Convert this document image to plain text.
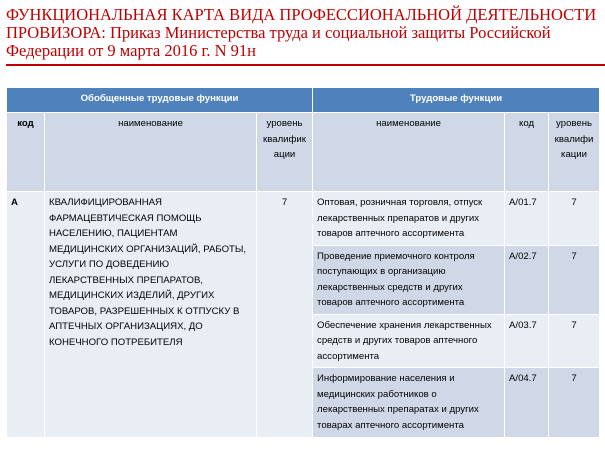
ФУНКЦИОНАЛЬНАЯ КАРТА ВИДА ПРОФЕССИОНАЛЬНОЙ ДЕЯТЕЛЬНОСТИ
ПРОВИЗОРА: Приказ Министерства труда и социальной защиты Российской
Федерации от 9 марта 2016 г. N 91н
Обобщенные трудовые функции			Трудовые функции		
код	наименование	уровень квалифик ации	наименование	код	уровень квалифи кации
A	КВАЛИФИЦИРОВАННАЯ ФАРМАЦЕВТИЧЕСКАЯ ПОМОЩЬ НАСЕЛЕНИЮ, ПАЦИЕНТАМ МЕДИЦИНСКИХ ОРГАНИЗАЦИЙ, РАБОТЫ, УСЛУГИ ПО ДОВЕДЕНИЮ ЛЕКАРСТВЕННЫХ ПРЕПАРАТОВ, МЕДИЦИНСКИХ ИЗДЕЛИЙ, ДРУГИХ ТОВАРОВ, РАЗРЕШЕННЫХ К ОТПУСКУ В АПТЕЧНЫХ ОРГАНИЗАЦИЯХ, ДО КОНЕЧНОГО ПОТРЕБИТЕЛЯ	7	Оптовая, розничная торговля, отпуск лекарственных препаратов и других товаров аптечного ассортимента	A/01.7	7
			Проведение приемочного контроля поступающих в организацию лекарственных средств и других товаров аптечного ассортимента	A/02.7	7
			Обеспечение хранения лекарственных средств и других товаров аптечного ассортимента	A/03.7	7
			Информирование населения и медицинских работников о лекарственных препаратах и других товарах аптечного ассортимента	A/04.7	7
